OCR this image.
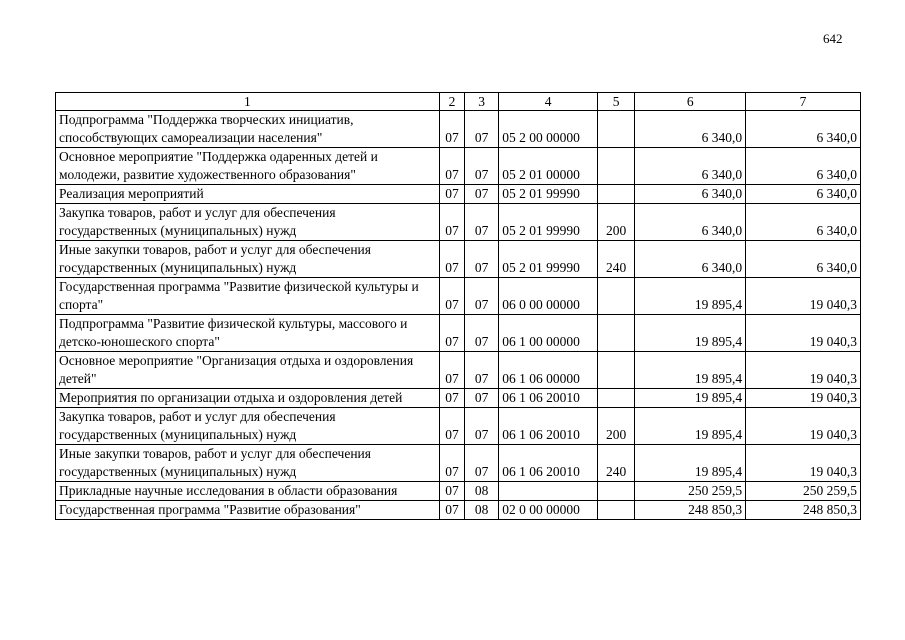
642
1	2	3	4	5	6	7
Подпрограмма "Поддержка творческих инициатив, способствующих самореализации населения"	07	07	05 2 00 00000		6 340,0	6 340,0
Основное мероприятие "Поддержка одаренных детей и молодежи, развитие художественного образования"	07	07	05 2 01 00000		6 340,0	6 340,0
Реализация мероприятий	07	07	05 2 01 99990		6 340,0	6 340,0
Закупка товаров, работ и услуг для обеспечения государственных (муниципальных) нужд	07	07	05 2 01 99990	200	6 340,0	6 340,0
Иные закупки товаров, работ и услуг для обеспечения государственных (муниципальных) нужд	07	07	05 2 01 99990	240	6 340,0	6 340,0
Государственная программа "Развитие физической культуры и спорта"	07	07	06 0 00 00000		19 895,4	19 040,3
Подпрограмма "Развитие физической культуры, массового и детско-юношеского спорта"	07	07	06 1 00 00000		19 895,4	19 040,3
Основное мероприятие "Организация отдыха и оздоровления детей"	07	07	06 1 06 00000		19 895,4	19 040,3
Мероприятия по организации отдыха и оздоровления детей	07	07	06 1 06 20010		19 895,4	19 040,3
Закупка товаров, работ и услуг для обеспечения государственных (муниципальных) нужд	07	07	06 1 06 20010	200	19 895,4	19 040,3
Иные закупки товаров, работ и услуг для обеспечения государственных (муниципальных) нужд	07	07	06 1 06 20010	240	19 895,4	19 040,3
Прикладные научные исследования в области образования	07	08			250 259,5	250 259,5
Государственная программа "Развитие образования"	07	08	02 0 00 00000		248 850,3	248 850,3
